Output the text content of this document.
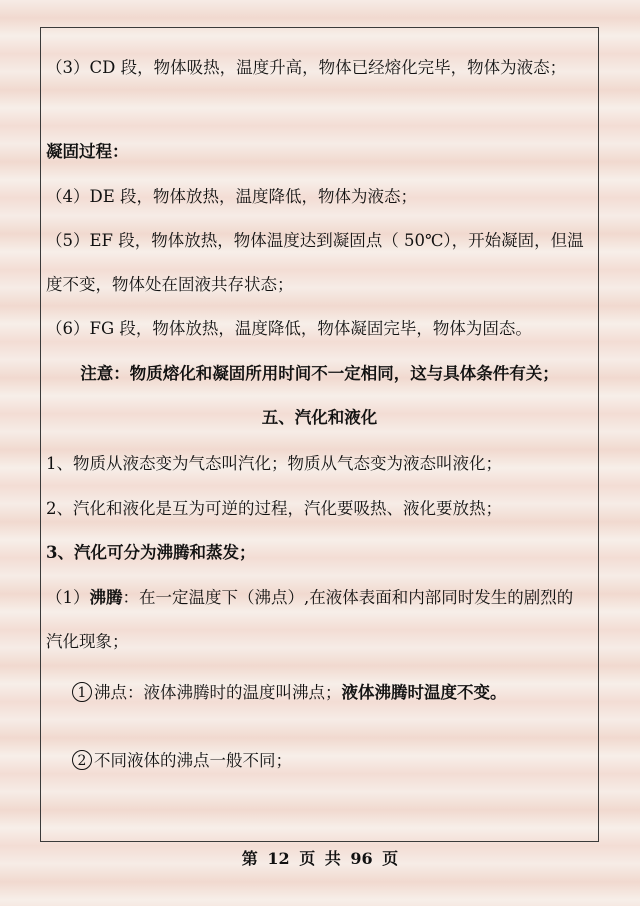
（3）CD 段，物体吸热，温度升高，物体已经熔化完毕，物体为液态；
凝固过程：
（4）DE 段，物体放热，温度降低，物体为液态；
（5）EF 段，物体放热，物体温度达到凝固点（ 50℃），开始凝固，但温
度不变，物体处在固液共存状态；
（6）FG 段，物体放热，温度降低，物体凝固完毕，物体为固态。
注意：物质熔化和凝固所用时间不一定相同，这与具体条件有关；
五、汽化和液化
1、物质从液态变为气态叫汽化；物质从气态变为液态叫液化；
2、汽化和液化是互为可逆的过程，汽化要吸热、液化要放热；
3、汽化可分为沸腾和蒸发；
（1）沸腾：在一定温度下（沸点）,在液体表面和内部同时发生的剧烈的
汽化现象；
1 沸点：液体沸腾时的温度叫沸点；液体沸腾时温度不变。
2 不同液体的沸点一般不同；
第 12 页 共 96 页
